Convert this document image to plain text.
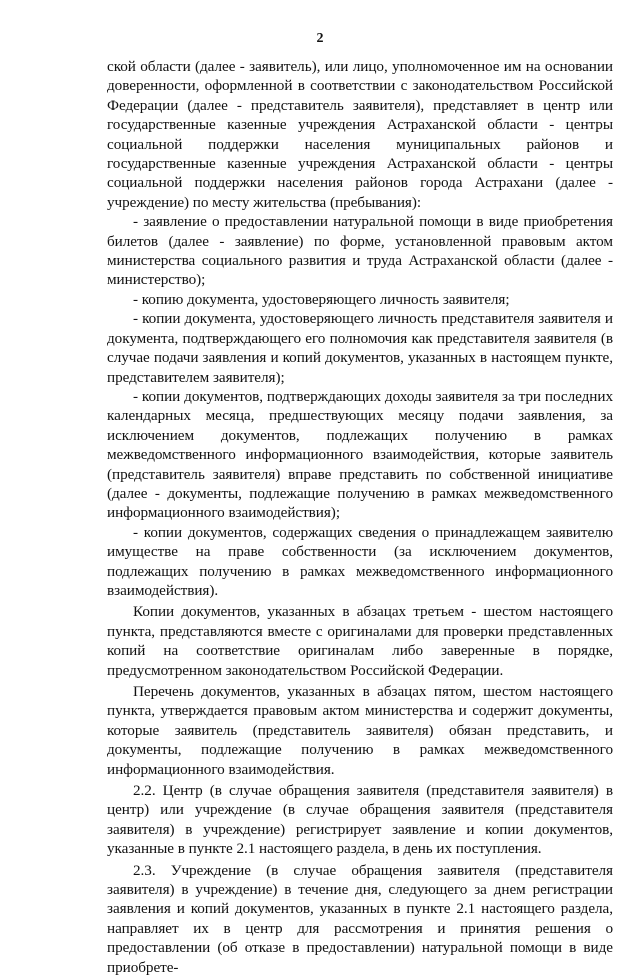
2

ской области (далее - заявитель), или лицо, уполномоченное им на основании доверенности, оформленной в соответствии с законодательством Российской Федерации (далее - представитель заявителя), представляет в центр или государственные казенные учреждения Астраханской области - центры социальной поддержки населения муниципальных районов и государственные казенные учреждения Астраханской области - центры социальной поддержки населения районов города Астрахани (далее - учреждение) по месту жительства (пребывания):

- заявление о предоставлении натуральной помощи в виде приобретения билетов (далее - заявление) по форме, установленной правовым актом министерства социального развития и труда Астраханской области (далее - министерство);

- копию документа, удостоверяющего личность заявителя;

- копии документа, удостоверяющего личность представителя заявителя и документа, подтверждающего его полномочия как представителя заявителя (в случае подачи заявления и копий документов, указанных в настоящем пункте, представителем заявителя);

- копии документов, подтверждающих доходы заявителя за три последних календарных месяца, предшествующих месяцу подачи заявления, за исключением документов, подлежащих получению в рамках межведомственного информационного взаимодействия, которые заявитель (представитель заявителя) вправе представить по собственной инициативе (далее - документы, подлежащие получению в рамках межведомственного информационного взаимодействия);

- копии документов, содержащих сведения о принадлежащем заявителю имуществе на праве собственности (за исключением документов, подлежащих получению в рамках межведомственного информационного взаимодействия).

Копии документов, указанных в абзацах третьем - шестом настоящего пункта, представляются вместе с оригиналами для проверки представленных копий на соответствие оригиналам либо заверенные в порядке, предусмотренном законодательством Российской Федерации.

Перечень документов, указанных в абзацах пятом, шестом настоящего пункта, утверждается правовым актом министерства и содержит документы, которые заявитель (представитель заявителя) обязан представить, и документы, подлежащие получению в рамках межведомственного информационного взаимодействия.

2.2. Центр (в случае обращения заявителя (представителя заявителя) в центр) или учреждение (в случае обращения заявителя (представителя заявителя) в учреждение) регистрирует заявление и копии документов, указанные в пункте 2.1 настоящего раздела, в день их поступления.

2.3. Учреждение (в случае обращения заявителя (представителя заявителя) в учреждение) в течение дня, следующего за днем регистрации заявления и копий документов, указанных в пункте 2.1 настоящего раздела, направляет их в центр для рассмотрения и принятия решения о предоставлении (об отказе в предоставлении) натуральной помощи в виде приобрете-
